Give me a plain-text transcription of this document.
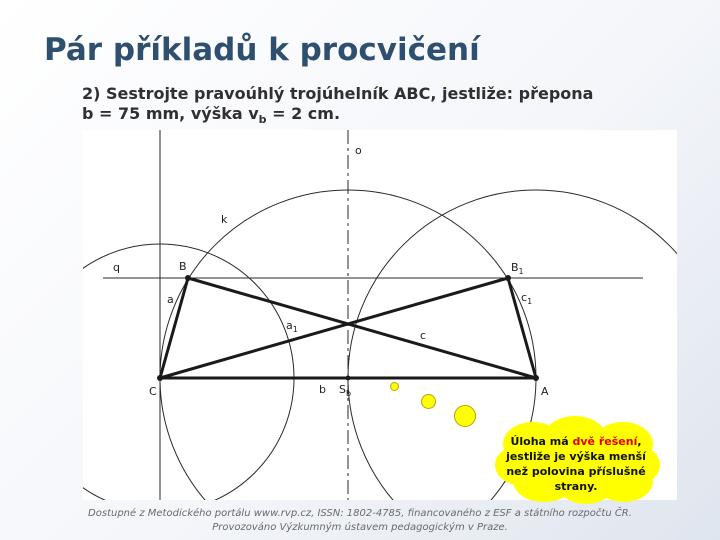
Pár příkladů k procvičení
2) Sestrojte pravoúhlý trojúhelník ABC, jestliže: přepona
b = 75 mm, výška $v_b = 2$ cm.
o
k
q	B	$B_1$
a	$c_1$
$a_1$	c
C	b $S_b$	A
Dostupné z Metodického portálu www.rvp.cz, ISSN: 1802-4785, financovaného z ESF a státního rozpočtu ČR.
Provozováno Výzkumným ústavem pedagogickým v Praze.
Úloha má dvě řešení, jestliže je výška menší než polovina příslušné strany.
